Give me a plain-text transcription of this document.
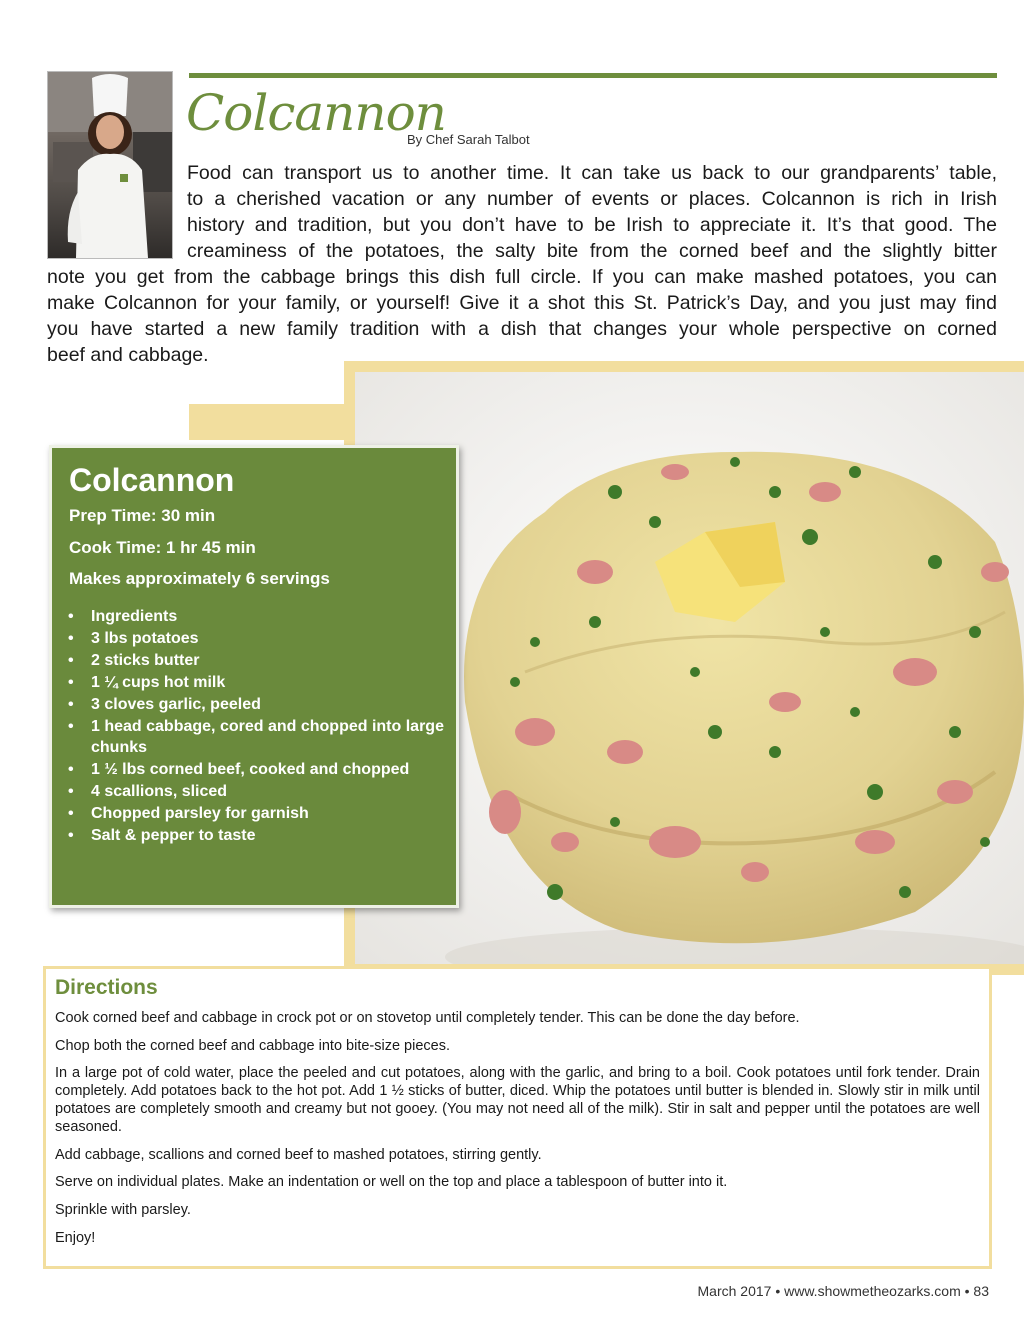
Colcannon
By Chef Sarah Talbot
Food can transport us to another time. It can take us back to our grandparents’ table,
to a cherished vacation or any number of events or places. Colcannon is rich in Irish
history and tradition, but you don’t have to be Irish to appreciate it. It’s that good. The
creaminess of the potatoes, the salty bite from the corned beef and the slightly bitter
note you get from the cabbage brings this dish full circle. If you can make mashed potatoes, you can
make Colcannon for your family, or yourself! Give it a shot this St. Patrick’s Day, and you just may find
you have started a new family tradition with a dish that changes your whole perspective on corned
beef and cabbage.
Colcannon
Prep Time: 30 min
Cook Time: 1 hr 45 min
Makes approximately 6 servings
• Ingredients
• 3 lbs potatoes
• 2 sticks butter
• 1 ¼ cups hot milk
• 3 cloves garlic, peeled
• 1 head cabbage, cored and chopped into large chunks
• 1 ½ lbs corned beef, cooked and chopped
• 4 scallions, sliced
• Chopped parsley for garnish
• Salt & pepper to taste
Directions

Cook corned beef and cabbage in crock pot or on stovetop until completely tender. This can be done the day before.

Chop both the corned beef and cabbage into bite-size pieces.

In a large pot of cold water, place the peeled and cut potatoes, along with the garlic, and bring to a boil. Cook potatoes until fork tender. Drain completely. Add potatoes back to the hot pot. Add 1 ½ sticks of butter, diced. Whip the potatoes until butter is blended in. Slowly stir in milk until potatoes are completely smooth and creamy but not gooey. (You may not need all of the milk). Stir in salt and pepper until the potatoes are well seasoned.

Add cabbage, scallions and corned beef to mashed potatoes, stirring gently.

Serve on individual plates. Make an indentation or well on the top and place a tablespoon of butter into it.

Sprinkle with parsley.

Enjoy!

March 2017 • www.showmetheozarks.com • 83
